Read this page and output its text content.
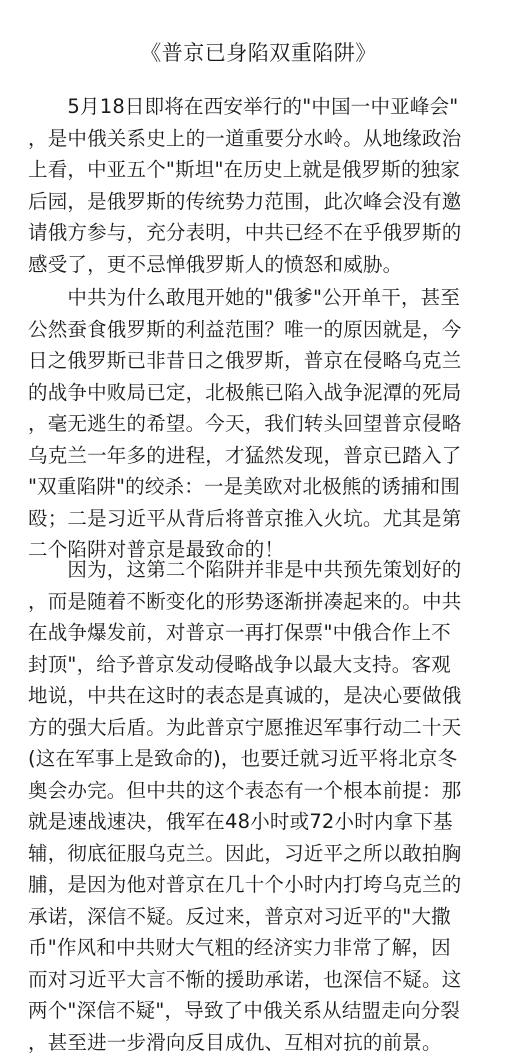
《普京已身陷双重陷阱》
　　5月18日即将在西安举行的"中国一中亚峰会"
，是中俄关系史上的一道重要分水岭。从地缘政治
上看，中亚五个"斯坦"在历史上就是俄罗斯的独家
后园，是俄罗斯的传统势力范围，此次峰会没有邀
请俄方参与，充分表明，中共已经不在乎俄罗斯的
感受了，更不忌惮俄罗斯人的愤怒和威胁。
　　中共为什么敢甩开她的"俄爹"公开单干，甚至
公然蚕食俄罗斯的利益范围？唯一的原因就是，今
日之俄罗斯已非昔日之俄罗斯，普京在侵略乌克兰
的战争中败局已定，北极熊已陷入战争泥潭的死局
，毫无逃生的希望。今天，我们转头回望普京侵略
乌克兰一年多的进程，才猛然发现，普京已踏入了
"双重陷阱"的绞杀：一是美欧对北极熊的诱捕和围
殴；二是习近平从背后将普京推入火坑。尤其是第
二个陷阱对普京是最致命的！
　　因为，这第二个陷阱并非是中共预先策划好的
，而是随着不断变化的形势逐渐拼凑起来的。中共
在战争爆发前，对普京一再打保票"中俄合作上不
封顶"，给予普京发动侵略战争以最大支持。客观
地说，中共在这时的表态是真诚的，是决心要做俄
方的强大后盾。为此普京宁愿推迟军事行动二十天
(这在军事上是致命的)，也要迁就习近平将北京冬
奥会办完。但中共的这个表态有一个根本前提：那
就是速战速决，俄军在48小时或72小时内拿下基
辅，彻底征服乌克兰。因此，习近平之所以敢拍胸
脯，是因为他对普京在几十个小时内打垮乌克兰的
承诺，深信不疑。反过来，普京对习近平的"大撒
币"作风和中共财大气粗的经济实力非常了解，因
而对习近平大言不惭的援助承诺，也深信不疑。这
两个"深信不疑"，导致了中俄关系从结盟走向分裂
，甚至进一步滑向反目成仇、互相对抗的前景。
